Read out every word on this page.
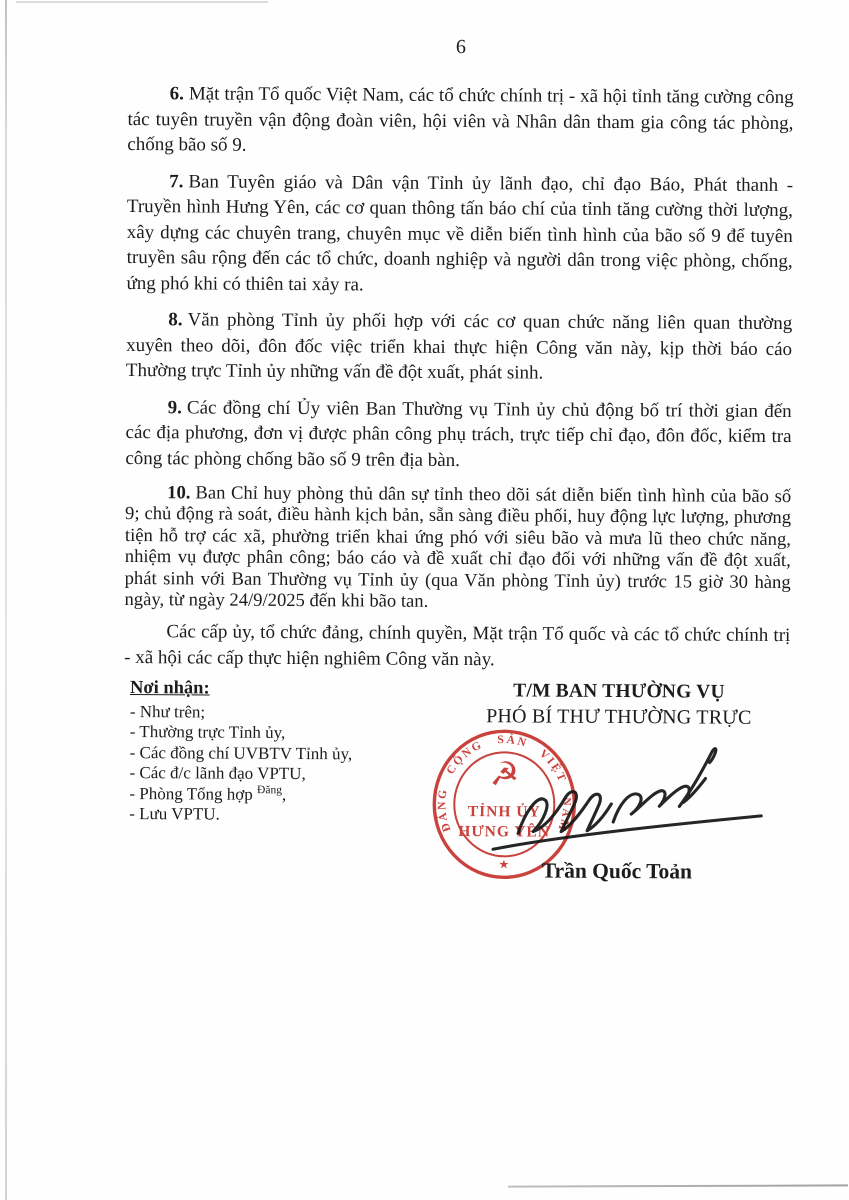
6

6. Mặt trận Tổ quốc Việt Nam, các tổ chức chính trị - xã hội tỉnh tăng cường công tác tuyên truyền vận động đoàn viên, hội viên và Nhân dân tham gia công tác phòng, chống bão số 9.

7. Ban Tuyên giáo và Dân vận Tỉnh ủy lãnh đạo, chỉ đạo Báo, Phát thanh - Truyền hình Hưng Yên, các cơ quan thông tấn báo chí của tỉnh tăng cường thời lượng, xây dựng các chuyên trang, chuyên mục về diễn biến tình hình của bão số 9 để tuyên truyền sâu rộng đến các tổ chức, doanh nghiệp và người dân trong việc phòng, chống, ứng phó khi có thiên tai xảy ra.

8. Văn phòng Tỉnh ủy phối hợp với các cơ quan chức năng liên quan thường xuyên theo dõi, đôn đốc việc triển khai thực hiện Công văn này, kịp thời báo cáo Thường trực Tỉnh ủy những vấn đề đột xuất, phát sinh.

9. Các đồng chí Ủy viên Ban Thường vụ Tỉnh ủy chủ động bố trí thời gian đến các địa phương, đơn vị được phân công phụ trách, trực tiếp chỉ đạo, đôn đốc, kiểm tra công tác phòng chống bão số 9 trên địa bàn.

10. Ban Chỉ huy phòng thủ dân sự tỉnh theo dõi sát diễn biến tình hình của bão số 9; chủ động rà soát, điều hành kịch bản, sẵn sàng điều phối, huy động lực lượng, phương tiện hỗ trợ các xã, phường triển khai ứng phó với siêu bão và mưa lũ theo chức năng, nhiệm vụ được phân công; báo cáo và đề xuất chỉ đạo đối với những vấn đề đột xuất, phát sinh với Ban Thường vụ Tỉnh ủy (qua Văn phòng Tỉnh ủy) trước 15 giờ 30 hàng ngày, từ ngày 24/9/2025 đến khi bão tan.

Các cấp ủy, tổ chức đảng, chính quyền, Mặt trận Tổ quốc và các tổ chức chính trị - xã hội các cấp thực hiện nghiêm Công văn này.

Nơi nhận:
- Như trên;
- Thường trực Tỉnh ủy,
- Các đồng chí UVBTV Tỉnh ủy,
- Các đ/c lãnh đạo VPTU,
- Phòng Tổng hợp $^{Đăng}$,
- Lưu VPTU.
T/M BAN THƯỜNG VỤ
PHÓ BÍ THƯ THƯỜNG TRỰC
ĐẢNG CỘNG SẢN VIỆT NAM
☭
TỈNH ỦY
HƯNG YÊN
★	Trần Quốc Toản
